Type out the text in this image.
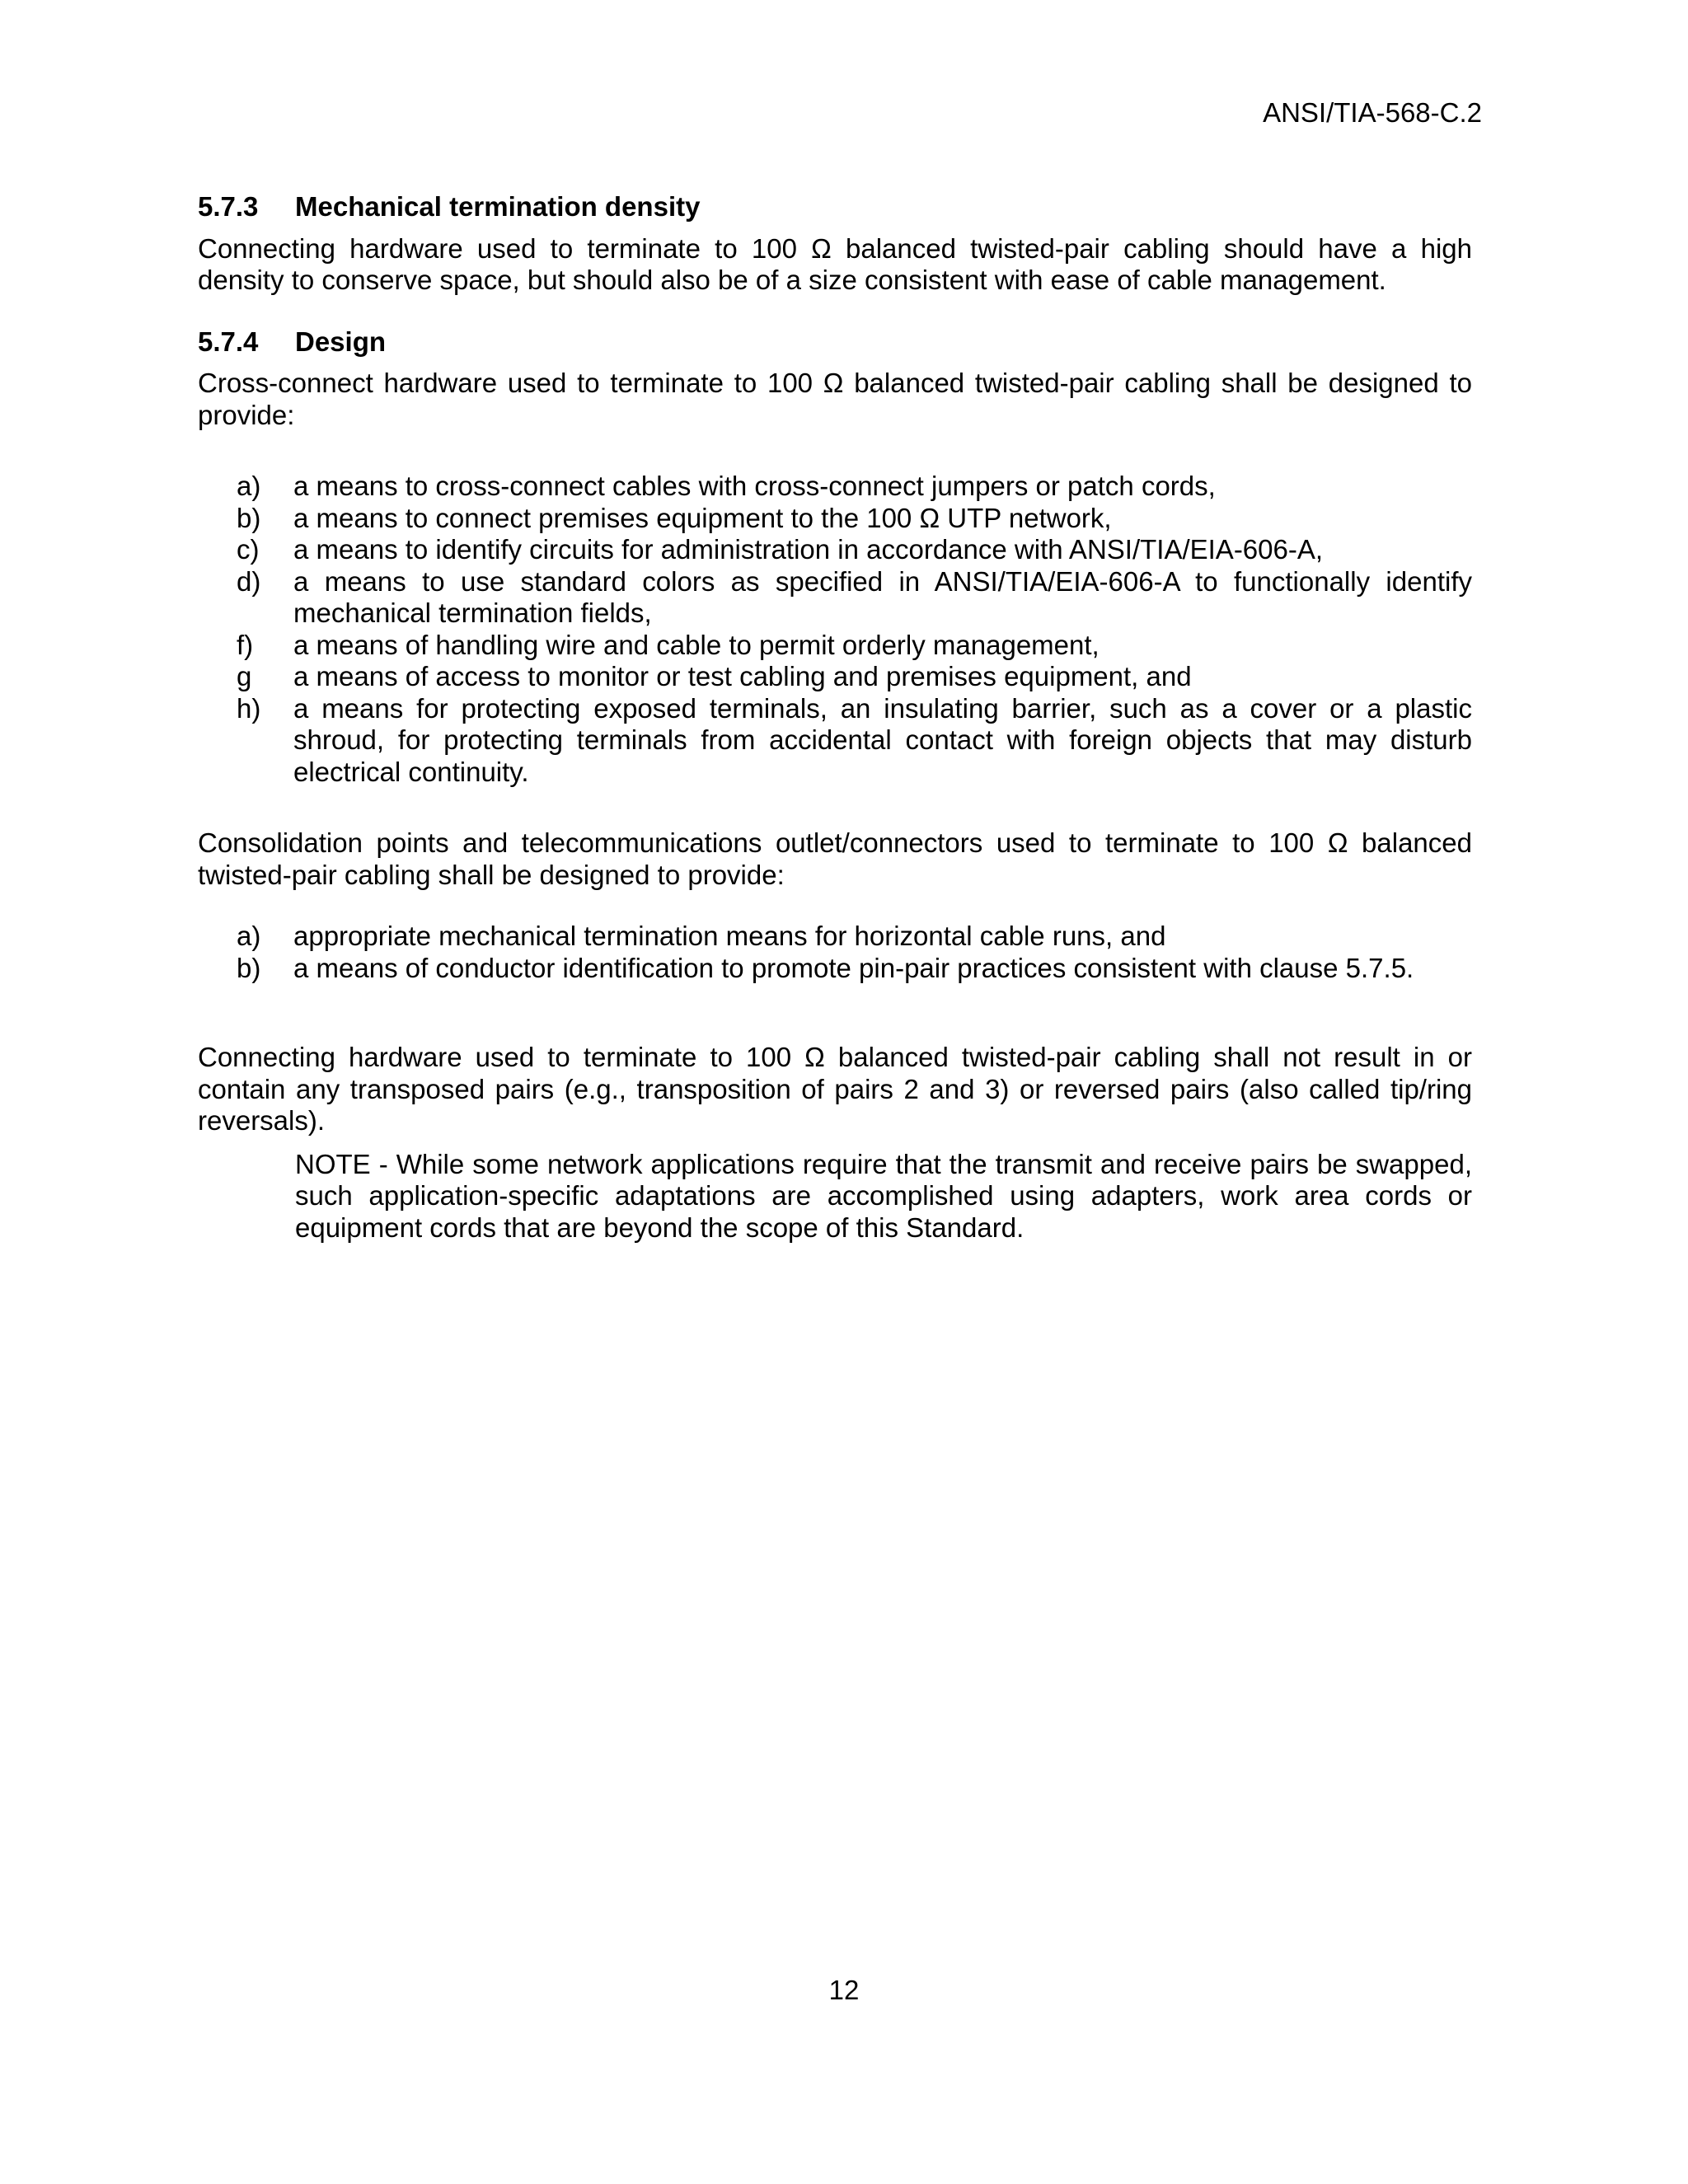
ANSI/TIA-568-C.2
5.7.3 Mechanical termination density

Connecting hardware used to terminate to 100 Ω balanced twisted-pair cabling should have a high density to conserve space, but should also be of a size consistent with ease of cable management.

5.7.4 Design

Cross-connect hardware used to terminate to 100 Ω balanced twisted-pair cabling shall be designed to provide:

a)	a means to cross-connect cables with cross-connect jumpers or patch cords,
b)	a means to connect premises equipment to the 100 Ω UTP network,
c)	a means to identify circuits for administration in accordance with ANSI/TIA/EIA-606-A,
d)	a means to use standard colors as specified in ANSI/TIA/EIA-606-A to functionally identify mechanical termination fields,
f)	a means of handling wire and cable to permit orderly management,
g	a means of access to monitor or test cabling and premises equipment, and
h)	a means for protecting exposed terminals, an insulating barrier, such as a cover or a plastic shroud, for protecting terminals from accidental contact with foreign objects that may disturb electrical continuity.

Consolidation points and telecommunications outlet/connectors used to terminate to 100 Ω balanced twisted-pair cabling shall be designed to provide:

a)	appropriate mechanical termination means for horizontal cable runs, and
b)	a means of conductor identification to promote pin-pair practices consistent with clause 5.7.5.

Connecting hardware used to terminate to 100 Ω balanced twisted-pair cabling shall not result in or contain any transposed pairs (e.g., transposition of pairs 2 and 3) or reversed pairs (also called tip/ring reversals).

NOTE - While some network applications require that the transmit and receive pairs be swapped, such application-specific adaptations are accomplished using adapters, work area cords or equipment cords that are beyond the scope of this Standard.

12
